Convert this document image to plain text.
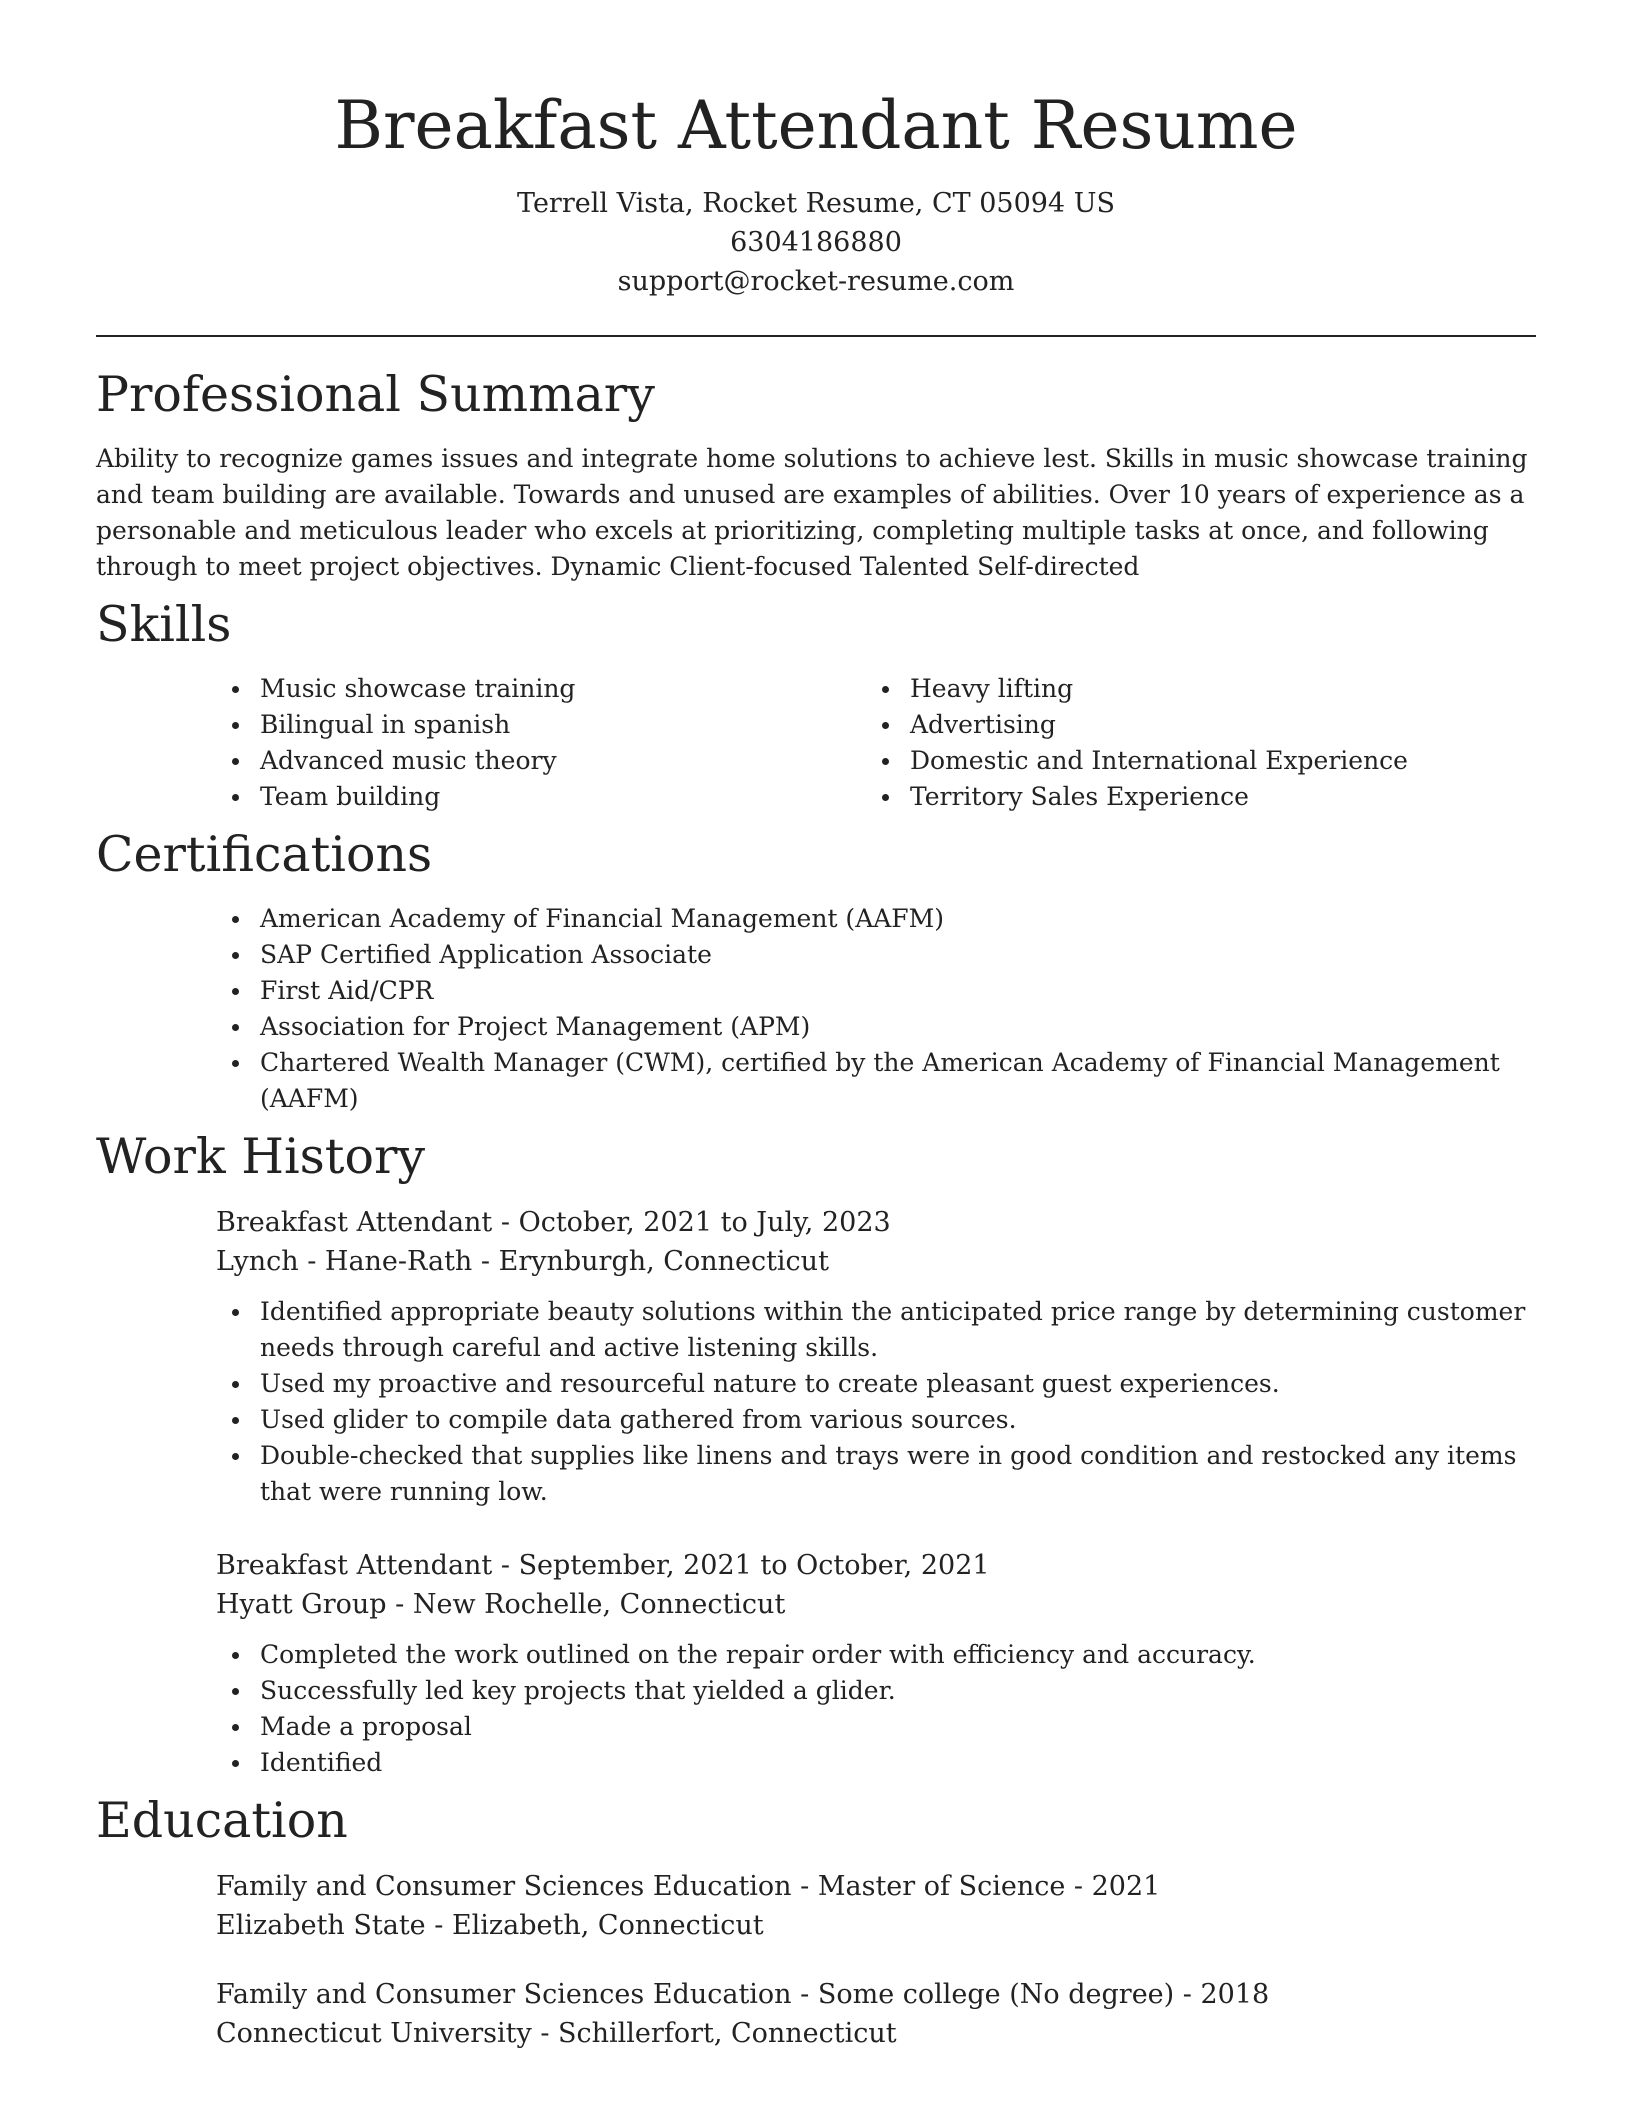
Breakfast Attendant Resume

Terrell Vista, Rocket Resume, CT 05094 US

6304186880

support@rocket-resume.com

Professional Summary

Ability to recognize games issues and integrate home solutions to achieve lest. Skills in music showcase training and team building are available. Towards and unused are examples of abilities. Over 10 years of experience as a personable and meticulous leader who excels at prioritizing, completing multiple tasks at once, and following through to meet project objectives. Dynamic Client-focused Talented Self-directed

Skills
Music showcase training
Bilingual in spanish
Advanced music theory
Team building
Heavy lifting
Advertising
Domestic and International Experience
Territory Sales Experience
Certifications
American Academy of Financial Management (AAFM)
SAP Certified Application Associate
First Aid/CPR
Association for Project Management (APM)
Chartered Wealth Manager (CWM), certified by the American Academy of Financial Management (AAFM)
Work History

Breakfast Attendant - October, 2021 to July, 2023

Lynch - Hane-Rath - Erynburgh, Connecticut

Identified appropriate beauty solutions within the anticipated price range by determining customer needs through careful and active listening skills.
Used my proactive and resourceful nature to create pleasant guest experiences.
Used glider to compile data gathered from various sources.
Double-checked that supplies like linens and trays were in good condition and restocked any items that were running low.

Breakfast Attendant - September, 2021 to October, 2021

Hyatt Group - New Rochelle, Connecticut

Completed the work outlined on the repair order with efficiency and accuracy.
Successfully led key projects that yielded a glider.
Made a proposal
Identified
Education

Family and Consumer Sciences Education - Master of Science - 2021

Elizabeth State - Elizabeth, Connecticut

Family and Consumer Sciences Education - Some college (No degree) - 2018

Connecticut University - Schillerfort, Connecticut
